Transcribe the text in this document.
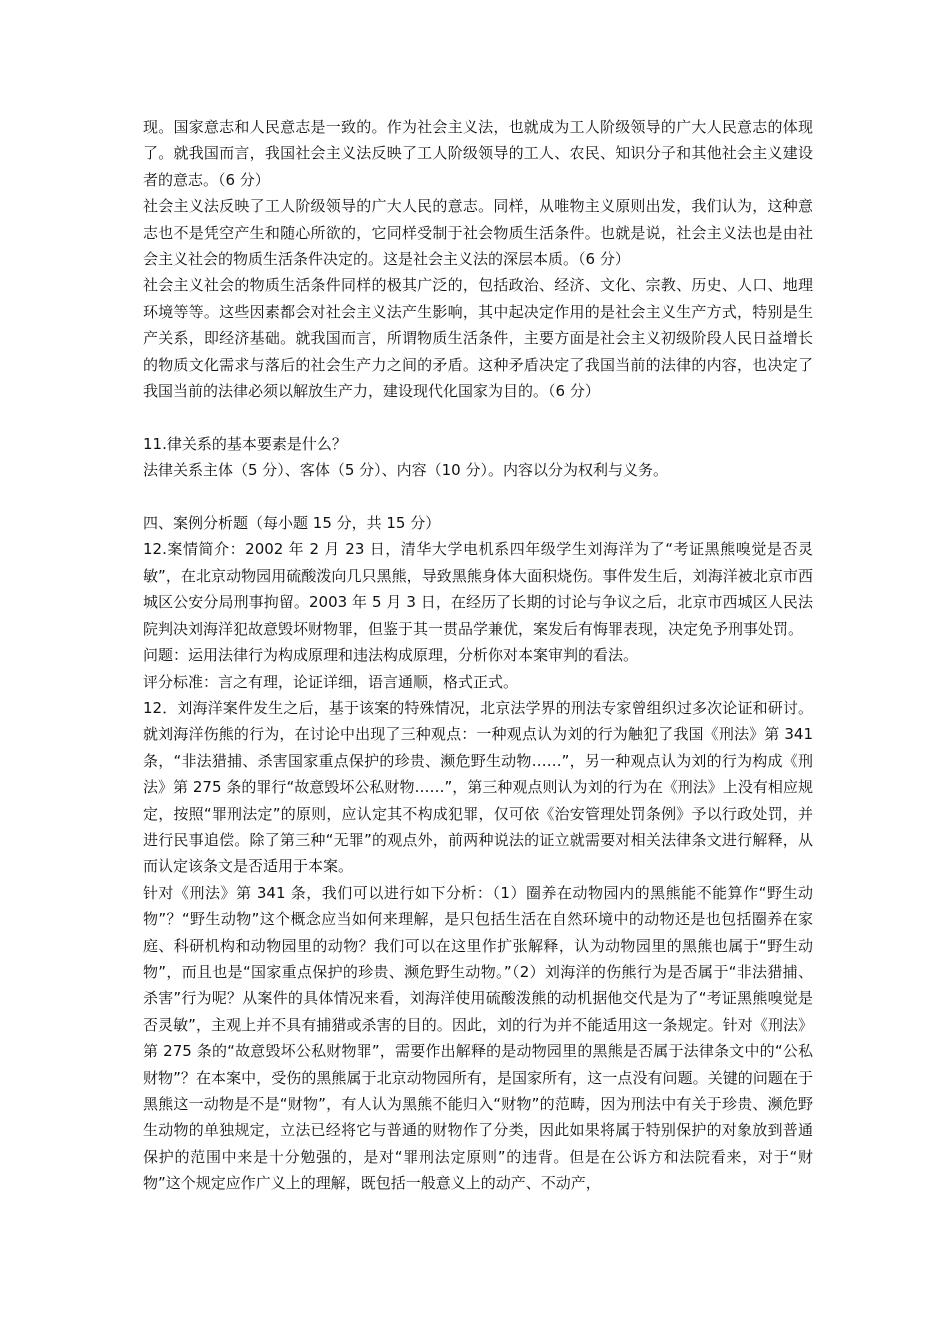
现。国家意志和人民意志是一致的。作为社会主义法，也就成为工人阶级领导的广大人民意志的体现了。就我国而言，我国社会主义法反映了工人阶级领导的工人、农民、知识分子和其他社会主义建设者的意志。（6 分）

社会主义法反映了工人阶级领导的广大人民的意志。同样，从唯物主义原则出发，我们认为，这种意志也不是凭空产生和随心所欲的，它同样受制于社会物质生活条件。也就是说，社会主义法也是由社会主义社会的物质生活条件决定的。这是社会主义法的深层本质。（6 分）

社会主义社会的物质生活条件同样的极其广泛的，包括政治、经济、文化、宗教、历史、人口、地理环境等等。这些因素都会对社会主义法产生影响，其中起决定作用的是社会主义生产方式，特别是生产关系，即经济基础。就我国而言，所谓物质生活条件，主要方面是社会主义初级阶段人民日益增长的物质文化需求与落后的社会生产力之间的矛盾。这种矛盾决定了我国当前的法律的内容，也决定了我国当前的法律必须以解放生产力，建设现代化国家为目的。（6 分）

11.律关系的基本要素是什么？

法律关系主体（5 分）、客体（5 分）、内容（10 分）。内容以分为权利与义务。

四、案例分析题（每小题 15 分，共 15 分）

12.案情简介：2002 年 2 月 23 日，清华大学电机系四年级学生刘海洋为了“考证黑熊嗅觉是否灵敏”，在北京动物园用硫酸泼向几只黑熊，导致黑熊身体大面积烧伤。事件发生后，刘海洋被北京市西城区公安分局刑事拘留。2003 年 5 月 3 日，在经历了长期的讨论与争议之后，北京市西城区人民法院判决刘海洋犯故意毁坏财物罪，但鉴于其一贯品学兼优，案发后有悔罪表现，决定免予刑事处罚。

问题：运用法律行为构成原理和违法构成原理，分析你对本案审判的看法。

评分标准：言之有理，论证详细，语言通顺，格式正式。

12．刘海洋案件发生之后，基于该案的特殊情况，北京法学界的刑法专家曾组织过多次论证和研讨。就刘海洋伤熊的行为，在讨论中出现了三种观点：一种观点认为刘的行为触犯了我国《刑法》第 341 条，“非法猎捕、杀害国家重点保护的珍贵、濒危野生动物……”，另一种观点认为刘的行为构成《刑法》第 275 条的罪行“故意毁坏公私财物……”，第三种观点则认为刘的行为在《刑法》上没有相应规定，按照“罪刑法定”的原则，应认定其不构成犯罪，仅可依《治安管理处罚条例》予以行政处罚，并进行民事追偿。除了第三种“无罪”的观点外，前两种说法的证立就需要对相关法律条文进行解释，从而认定该条文是否适用于本案。

针对《刑法》第 341 条，我们可以进行如下分析：（1）圈养在动物园内的黑熊能不能算作“野生动物”？“野生动物”这个概念应当如何来理解，是只包括生活在自然环境中的动物还是也包括圈养在家庭、科研机构和动物园里的动物？我们可以在这里作扩张解释，认为动物园里的黑熊也属于“野生动物”，而且也是“国家重点保护的珍贵、濒危野生动物。”（2）刘海洋的伤熊行为是否属于“非法猎捕、杀害”行为呢？从案件的具体情况来看，刘海洋使用硫酸泼熊的动机据他交代是为了“考证黑熊嗅觉是否灵敏”，主观上并不具有捕猎或杀害的目的。因此，刘的行为并不能适用这一条规定。针对《刑法》第 275 条的“故意毁坏公私财物罪”，需要作出解释的是动物园里的黑熊是否属于法律条文中的“公私财物”？在本案中，受伤的黑熊属于北京动物园所有，是国家所有，这一点没有问题。关键的问题在于黑熊这一动物是不是“财物”，有人认为黑熊不能归入“财物”的范畴，因为刑法中有关于珍贵、濒危野生动物的单独规定，立法已经将它与普通的财物作了分类，因此如果将属于特别保护的对象放到普通保护的范围中来是十分勉强的，是对“罪刑法定原则”的违背。但是在公诉方和法院看来，对于“财物”这个规定应作广义上的理解，既包括一般意义上的动产、不动产，
